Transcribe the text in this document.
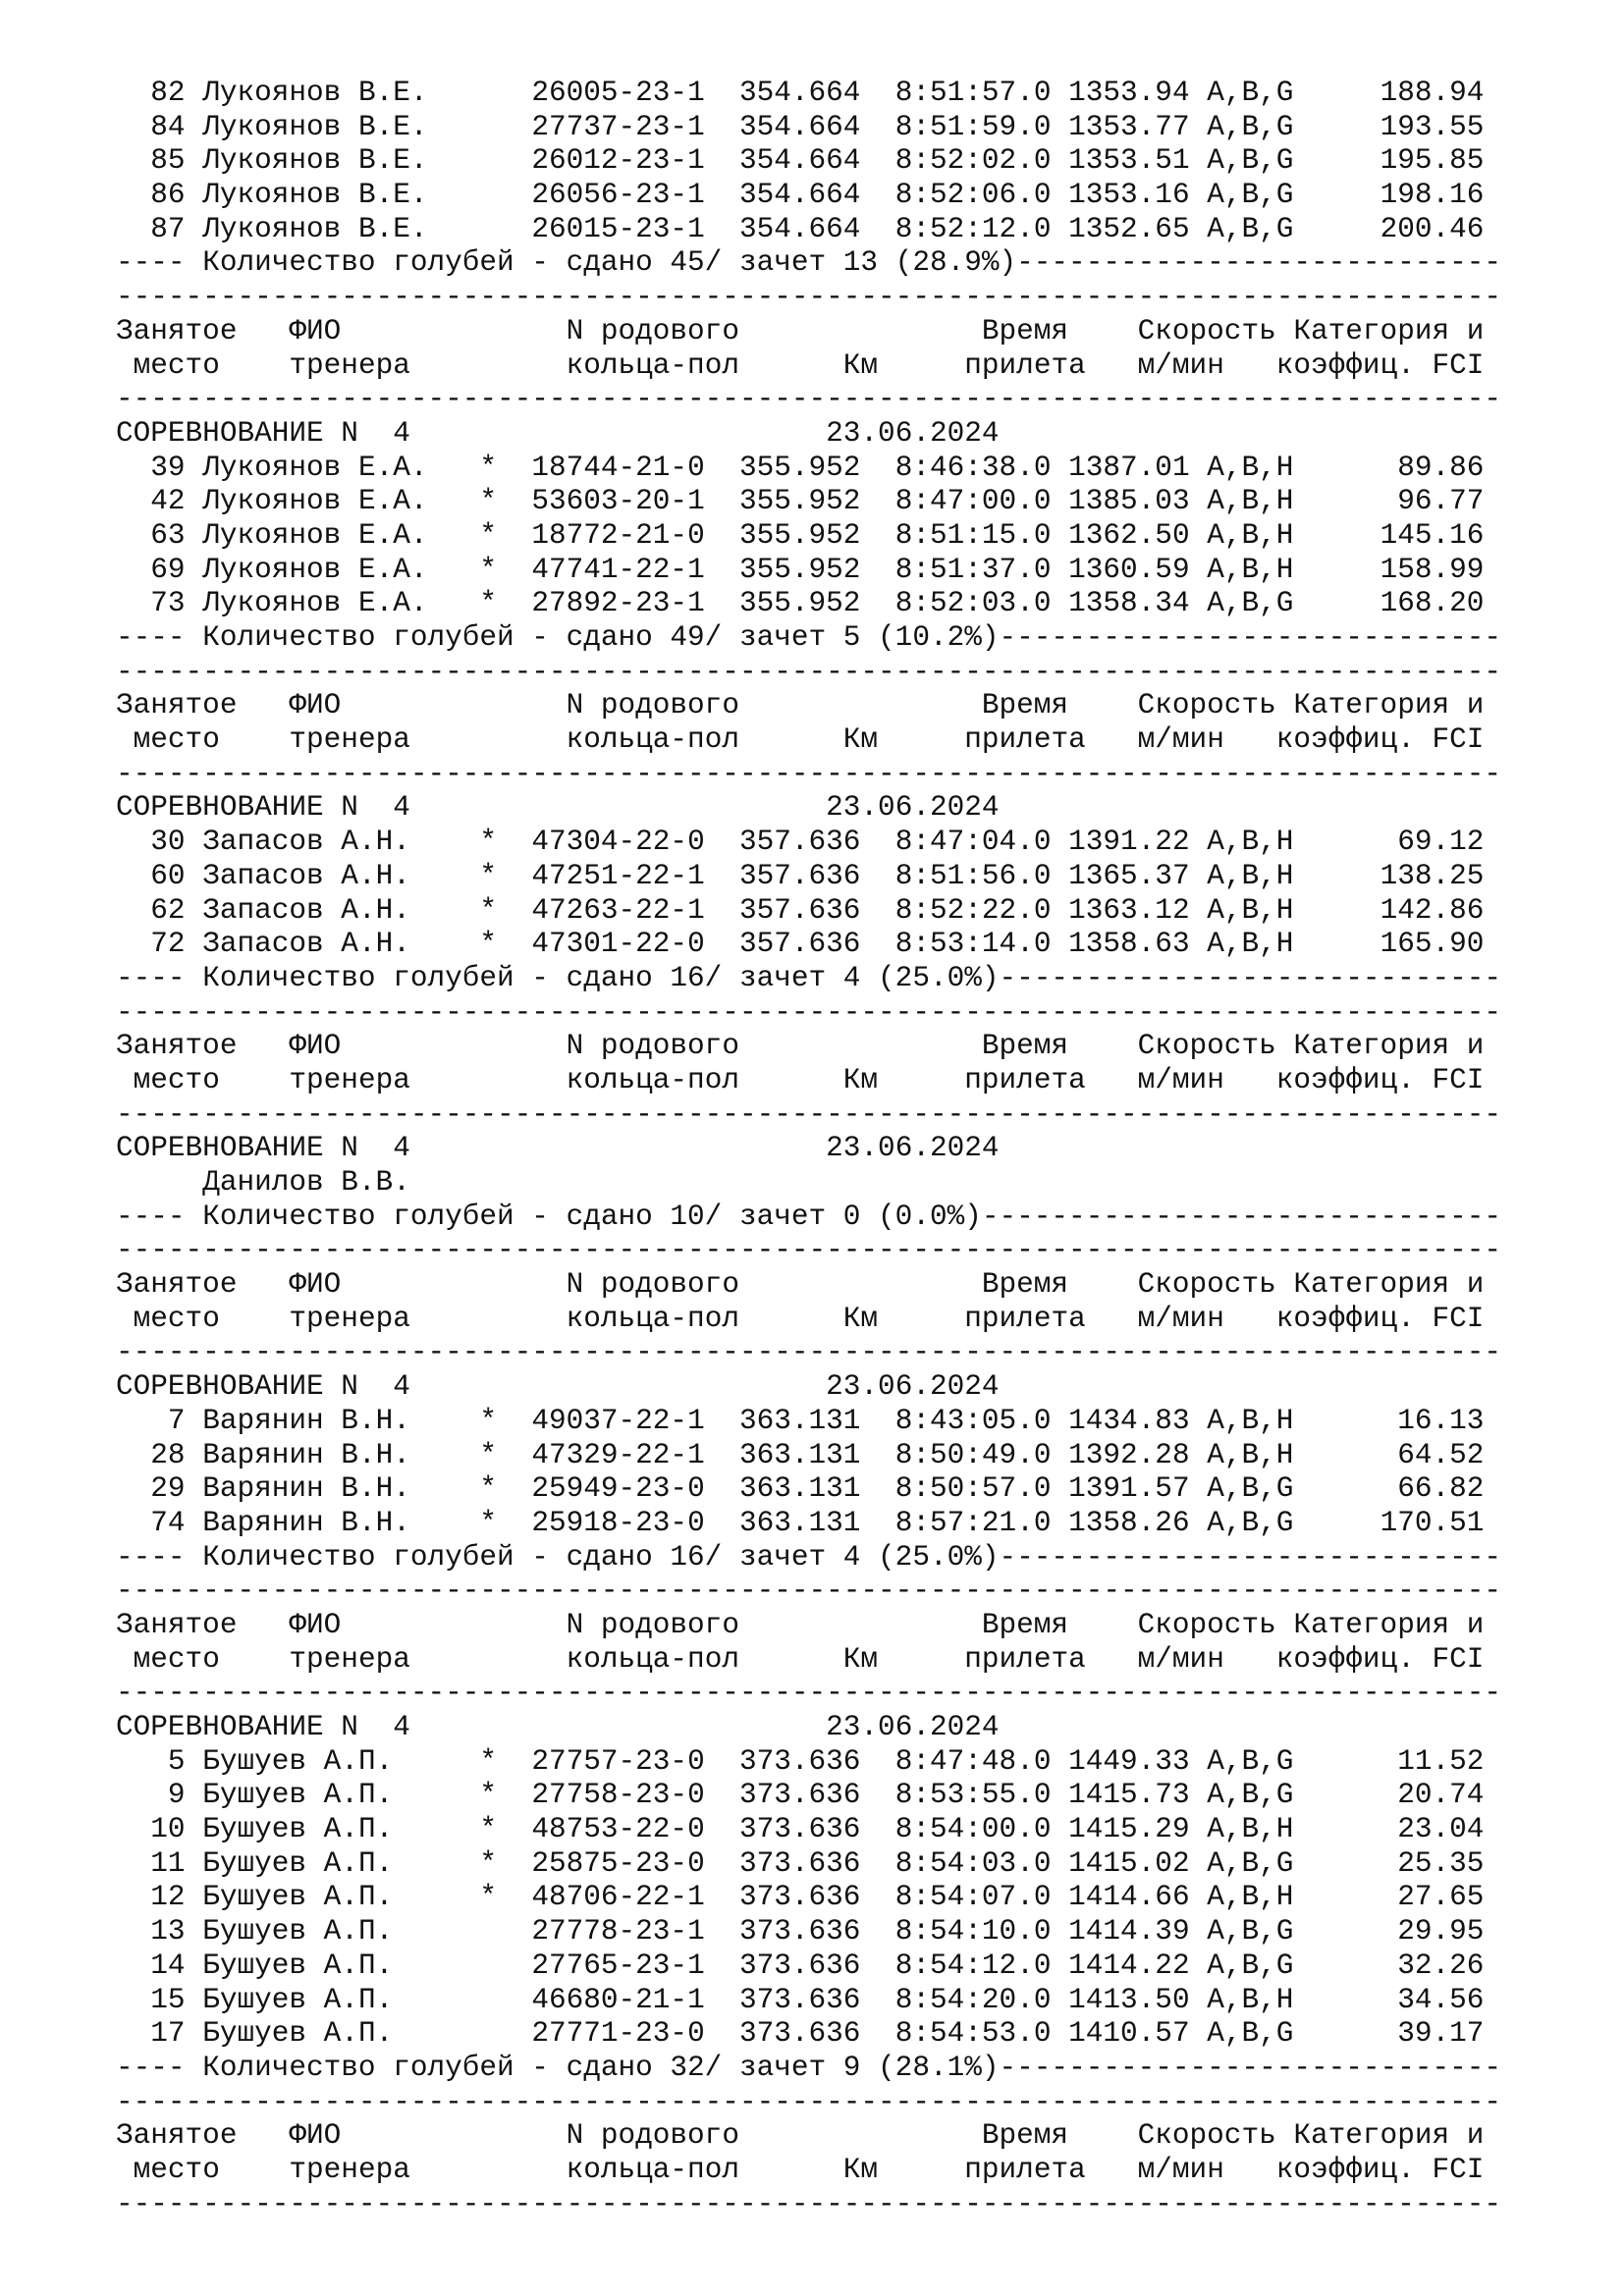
82 Лукоянов В.Е.      26005-23-1  354.664 8:51:57.0 1353.94 A,B,G     188.94
84 Лукоянов В.Е.      27737-23-1  354.664 8:51:59.0 1353.77 A,B,G     193.55
85 Лукоянов В.Е.      26012-23-1  354.664 8:52:02.0 1353.51 A,B,G     195.85
86 Лукоянов В.Е.      26056-23-1  354.664 8:52:06.0 1353.16 A,B,G     198.16
87 Лукоянов В.Е.      26015-23-1  354.664 8:52:12.0 1352.65 A,B,G     200.46
---- Количество голубей - сдано 45/ зачет 13 (28.9%)----------------------------
--------------------------------------------------------------------------------
Занятое   ФИО             N родового              Время    Скорость Категория и
место    тренера         кольца-пол      Км     прилета   м/мин   коэффиц. FCI
--------------------------------------------------------------------------------
СОРЕВНОВАНИЕ N  4                        23.06.2024
39 Лукоянов Е.А.   *  18744-21-0  355.952 8:46:38.0 1387.01 A,B,H      89.86
42 Лукоянов Е.А.   *  53603-20-1  355.952 8:47:00.0 1385.03 A,B,H      96.77
63 Лукоянов Е.А.   *  18772-21-0  355.952 8:51:15.0 1362.50 A,B,H     145.16
69 Лукоянов Е.А.   *  47741-22-1  355.952 8:51:37.0 1360.59 A,B,H     158.99
73 Лукоянов Е.А.   *  27892-23-1  355.952 8:52:03.0 1358.34 A,B,G     168.20
---- Количество голубей - сдано 49/ зачет 5 (10.2%)-----------------------------
--------------------------------------------------------------------------------
Занятое   ФИО             N родового              Время    Скорость Категория и
место    тренера         кольца-пол      Км     прилета   м/мин   коэффиц. FCI
--------------------------------------------------------------------------------
СОРЕВНОВАНИЕ N  4                        23.06.2024
30 Запасов А.Н.    *  47304-22-0  357.636 8:47:04.0 1391.22 A,B,H      69.12
60 Запасов А.Н.    *  47251-22-1  357.636 8:51:56.0 1365.37 A,B,H     138.25
62 Запасов А.Н.    *  47263-22-1  357.636 8:52:22.0 1363.12 A,B,H     142.86
72 Запасов А.Н.    *  47301-22-0  357.636 8:53:14.0 1358.63 A,B,H     165.90
---- Количество голубей - сдано 16/ зачет 4 (25.0%)-----------------------------
--------------------------------------------------------------------------------
Занятое   ФИО             N родового              Время    Скорость Категория и
место    тренера         кольца-пол      Км     прилета   м/мин   коэффиц. FCI
--------------------------------------------------------------------------------
СОРЕВНОВАНИЕ N  4                        23.06.2024
Данилов В.В.
---- Количество голубей - сдано 10/ зачет 0 (0.0%)------------------------------
--------------------------------------------------------------------------------
Занятое   ФИО             N родового              Время    Скорость Категория и
место    тренера         кольца-пол      Км     прилета   м/мин   коэффиц. FCI
--------------------------------------------------------------------------------
СОРЕВНОВАНИЕ N  4                        23.06.2024
7 Варянин В.Н.    *  49037-22-1  363.131 8:43:05.0 1434.83 A,B,H      16.13
28 Варянин В.Н.    *  47329-22-1  363.131 8:50:49.0 1392.28 A,B,H      64.52
29 Варянин В.Н.    *  25949-23-0  363.131 8:50:57.0 1391.57 A,B,G      66.82
74 Варянин В.Н.    *  25918-23-0  363.131 8:57:21.0 1358.26 A,B,G     170.51
---- Количество голубей - сдано 16/ зачет 4 (25.0%)-----------------------------
--------------------------------------------------------------------------------
Занятое   ФИО             N родового              Время    Скорость Категория и
место    тренера         кольца-пол      Км     прилета   м/мин   коэффиц. FCI
--------------------------------------------------------------------------------
СОРЕВНОВАНИЕ N  4                        23.06.2024
5 Бушуев А.П.     *  27757-23-0  373.636 8:47:48.0 1449.33 A,B,G      11.52
9 Бушуев А.П.     *  27758-23-0  373.636 8:53:55.0 1415.73 A,B,G      20.74
10 Бушуев А.П.     *  48753-22-0  373.636 8:54:00.0 1415.29 A,B,H      23.04
11 Бушуев А.П.     *  25875-23-0  373.636 8:54:03.0 1415.02 A,B,G      25.35
12 Бушуев А.П.     *  48706-22-1  373.636 8:54:07.0 1414.66 A,B,H      27.65
13 Бушуев А.П.        27778-23-1  373.636 8:54:10.0 1414.39 A,B,G      29.95
14 Бушуев А.П.        27765-23-1  373.636 8:54:12.0 1414.22 A,B,G      32.26
15 Бушуев А.П.        46680-21-1  373.636 8:54:20.0 1413.50 A,B,H      34.56
17 Бушуев А.П.        27771-23-0  373.636 8:54:53.0 1410.57 A,B,G      39.17
---- Количество голубей - сдано 32/ зачет 9 (28.1%)-----------------------------
--------------------------------------------------------------------------------
Занятое   ФИО             N родового              Время    Скорость Категория и
место    тренера         кольца-пол      Км     прилета   м/мин   коэффиц. FCI
--------------------------------------------------------------------------------
